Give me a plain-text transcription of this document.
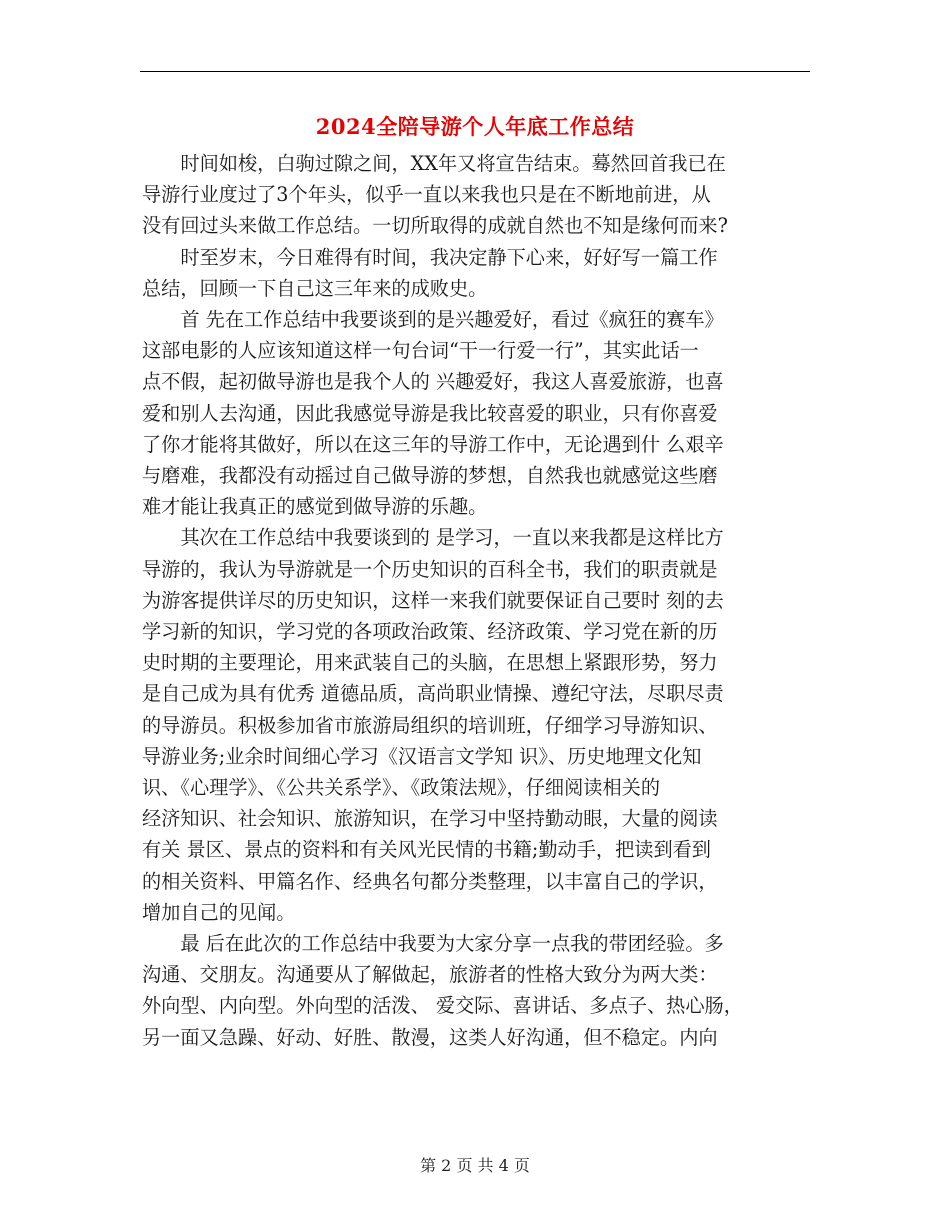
2024全陪导游个人年底工作总结
时间如梭，白驹过隙之间，XX年又将宣告结束。蓦然回首我已在
导游行业度过了3个年头，似乎一直以来我也只是在不断地前进，从
没有回过头来做工作总结。一切所取得的成就自然也不知是缘何而来?
时至岁末，今日难得有时间，我决定静下心来，好好写一篇工作
总结，回顾一下自己这三年来的成败史。
首 先在工作总结中我要谈到的是兴趣爱好，看过《疯狂的赛车》
这部电影的人应该知道这样一句台词“干一行爱一行”，其实此话一
点不假，起初做导游也是我个人的 兴趣爱好，我这人喜爱旅游，也喜
爱和别人去沟通，因此我感觉导游是我比较喜爱的职业，只有你喜爱
了你才能将其做好，所以在这三年的导游工作中，无论遇到什 么艰辛
与磨难，我都没有动摇过自己做导游的梦想，自然我也就感觉这些磨
难才能让我真正的感觉到做导游的乐趣。
其次在工作总结中我要谈到的 是学习，一直以来我都是这样比方
导游的，我认为导游就是一个历史知识的百科全书，我们的职责就是
为游客提供详尽的历史知识，这样一来我们就要保证自己要时 刻的去
学习新的知识，学习党的各项政治政策、经济政策、学习党在新的历
史时期的主要理论，用来武装自己的头脑，在思想上紧跟形势，努力
是自己成为具有优秀 道德品质，高尚职业情操、遵纪守法，尽职尽责
的导游员。积极参加省市旅游局组织的培训班，仔细学习导游知识、
导游业务;业余时间细心学习《汉语言文学知 识》、历史地理文化知
识、《心理学》、《公共关系学》、《政策法规》，仔细阅读相关的
经济知识、社会知识、旅游知识，在学习中坚持勤动眼，大量的阅读
有关 景区、景点的资料和有关风光民情的书籍;勤动手，把读到看到
的相关资料、甲篇名作、经典名句都分类整理，以丰富自己的学识，
增加自己的见闻。
最 后在此次的工作总结中我要为大家分享一点我的带团经验。多
沟通、交朋友。沟通要从了解做起，旅游者的性格大致分为两大类：
外向型、内向型。外向型的活泼、 爱交际、喜讲话、多点子、热心肠，
另一面又急躁、好动、好胜、散漫，这类人好沟通，但不稳定。内向
第 2 页 共 4 页
